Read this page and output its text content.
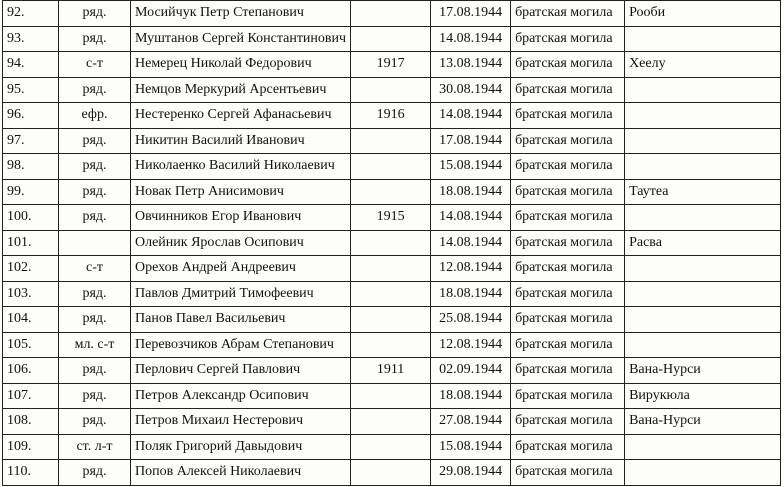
92.	ряд.	Мосийчук Петр Степанович		17.08.1944	братская могила	Рооби
93.	ряд.	Муштанов Сергей Константинович		14.08.1944	братская могила	
94.	с-т	Немерец Николай Федорович	1917	13.08.1944	братская могила	Хеелу
95.	ряд.	Немцов Меркурий Арсентьевич		30.08.1944	братская могила	
96.	ефр.	Нестеренко Сергей Афанасьевич	1916	14.08.1944	братская могила	
97.	ряд.	Никитин Василий Иванович		17.08.1944	братская могила	
98.	ряд.	Николаенко Василий Николаевич		15.08.1944	братская могила	
99.	ряд.	Новак Петр Анисимович		18.08.1944	братская могила	Таутеа
100.	ряд.	Овчинников Егор Иванович	1915	14.08.1944	братская могила	
101.		Олейник Ярослав Осипович		14.08.1944	братская могила	Расва
102.	с-т	Орехов Андрей Андреевич		12.08.1944	братская могила	
103.	ряд.	Павлов Дмитрий Тимофеевич		18.08.1944	братская могила	
104.	ряд.	Панов Павел Васильевич		25.08.1944	братская могила	
105.	мл. с-т	Перевозчиков Абрам Степанович		12.08.1944	братская могила	
106.	ряд.	Перлович Сергей Павлович	1911	02.09.1944	братская могила	Вана-Нурси
107.	ряд.	Петров Александр Осипович		18.08.1944	братская могила	Вирукюла
108.	ряд.	Петров Михаил Нестерович		27.08.1944	братская могила	Вана-Нурси
109.	ст. л-т	Поляк Григорий Давыдович		15.08.1944	братская могила	
110.	ряд.	Попов Алексей Николаевич		29.08.1944	братская могила	
